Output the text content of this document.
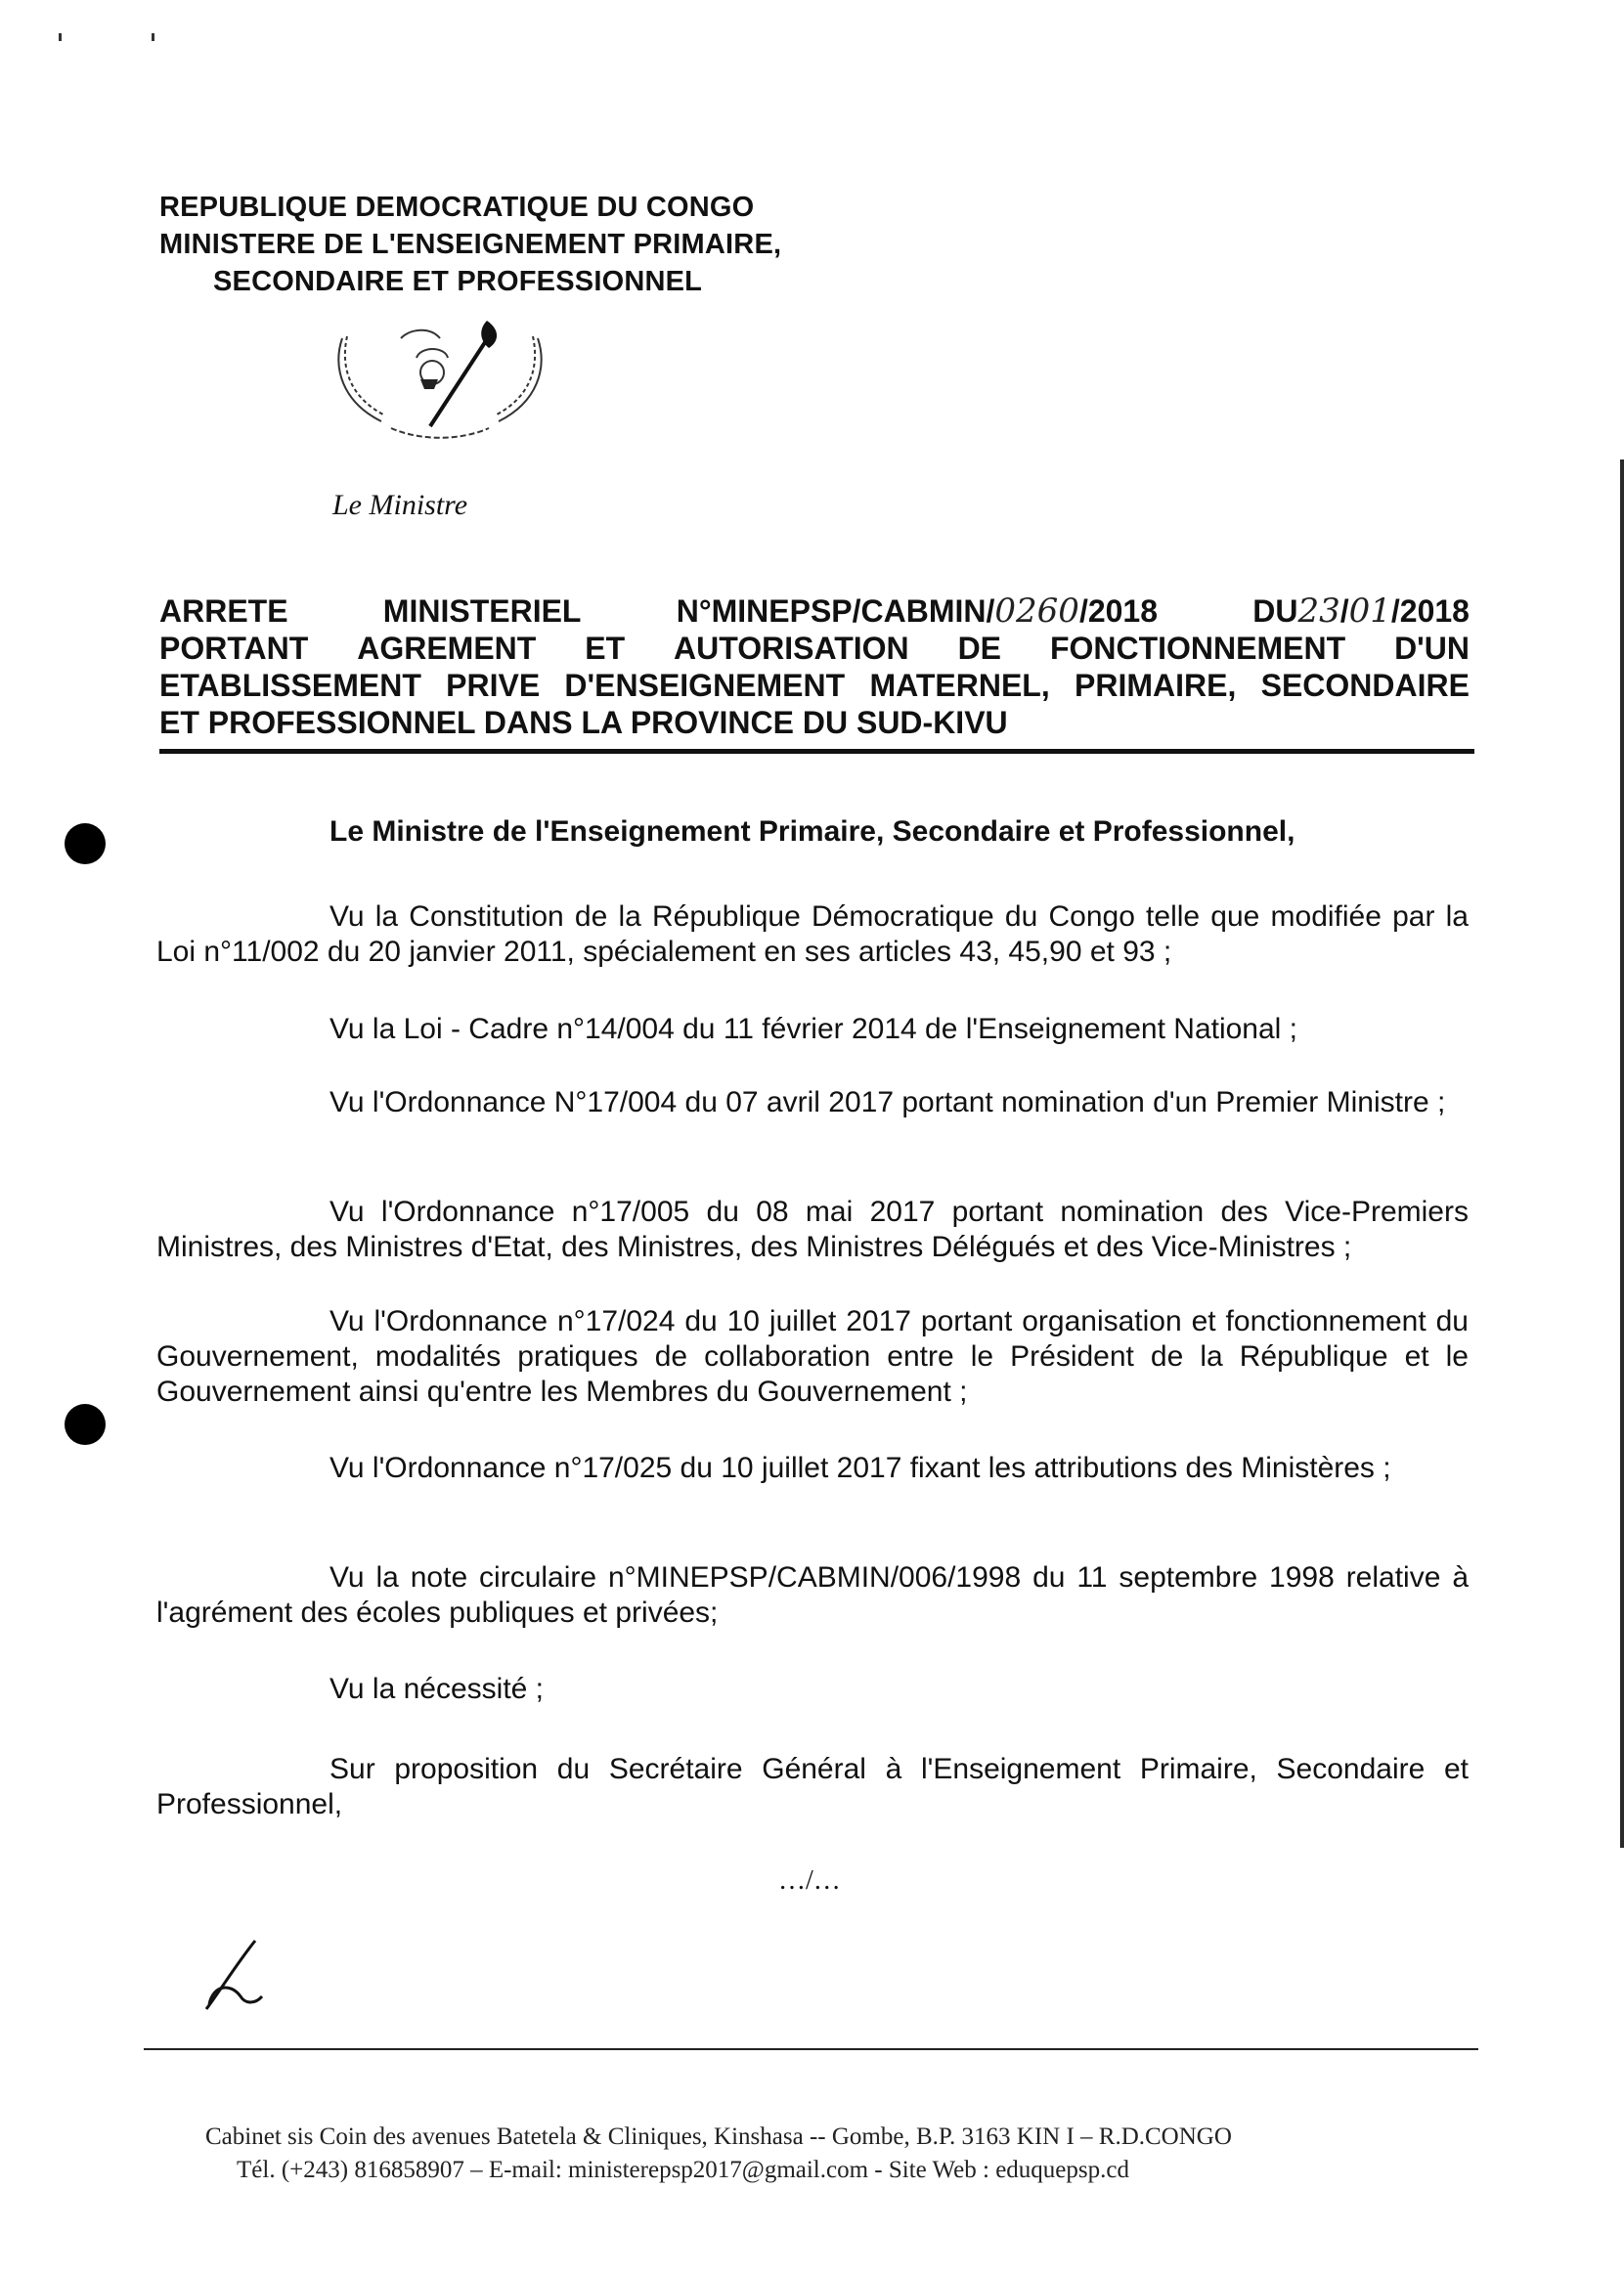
REPUBLIQUE DEMOCRATIQUE DU CONGO
MINISTERE DE L'ENSEIGNEMENT PRIMAIRE,
SECONDAIRE ET PROFESSIONNEL
Le Ministre
ARRETE	MINISTERIEL	N°MINEPSP/CABMIN/0260/2018	DU23/01/2018
PORTANT AGREMENT ET AUTORISATION DE FONCTIONNEMENT D'UN
ETABLISSEMENT PRIVE D'ENSEIGNEMENT MATERNEL, PRIMAIRE, SECONDAIRE
ET PROFESSIONNEL DANS LA PROVINCE DU SUD-KIVU
Le Ministre de l'Enseignement Primaire, Secondaire et Professionnel,

Vu la Constitution de la République Démocratique du Congo telle que modifiée par la Loi n°11/002 du 20 janvier 2011, spécialement en ses articles 43, 45,90 et 93 ;

Vu la Loi - Cadre n°14/004 du 11 février 2014 de l'Enseignement National ;

Vu l'Ordonnance N°17/004 du 07 avril 2017 portant nomination d'un Premier Ministre ;

Vu l'Ordonnance n°17/005 du 08 mai 2017 portant nomination des Vice-Premiers Ministres, des Ministres d'Etat, des Ministres, des Ministres Délégués et des Vice-Ministres ;

Vu l'Ordonnance n°17/024 du 10 juillet 2017 portant organisation et fonctionnement du Gouvernement, modalités pratiques de collaboration entre le Président de la République et le Gouvernement ainsi qu'entre les Membres du Gouvernement ;

Vu l'Ordonnance n°17/025 du 10 juillet 2017 fixant les attributions des Ministères ;

Vu la note circulaire n°MINEPSP/CABMIN/006/1998 du 11 septembre 1998 relative à l'agrément des écoles publiques et privées;

Vu la nécessité ;

Sur proposition du Secrétaire Général à l'Enseignement Primaire, Secondaire et Professionnel,

…/…
Cabinet sis Coin des avenues Batetela & Cliniques, Kinshasa -- Gombe, B.P. 3163 KIN I – R.D.CONGO
Tél. (+243) 816858907 – E-mail: ministerepsp2017@gmail.com - Site Web : eduquepsp.cd
